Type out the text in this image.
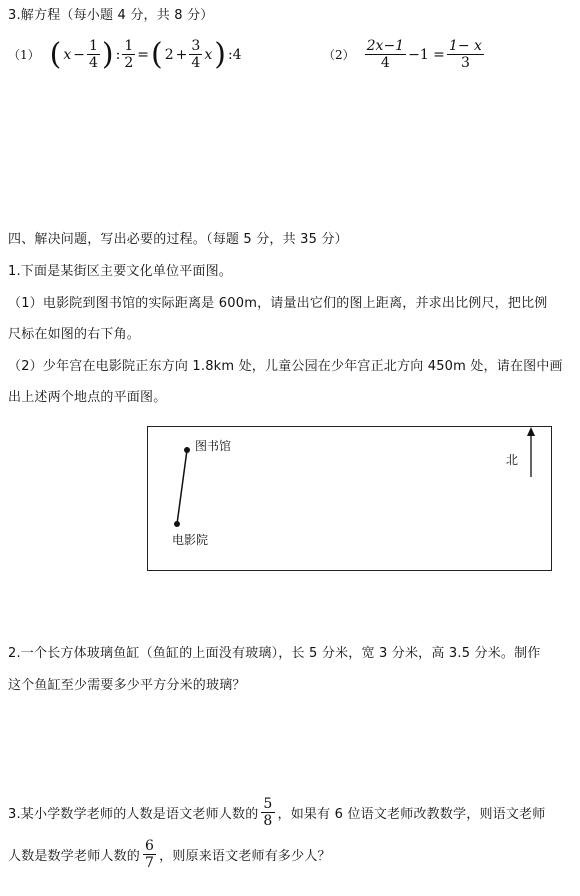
3.解方程（每小题 4 分，共 8 分）
（1） ( $x - \frac{1}{4}$ ) : $\frac{1}{2}$ = ( $2 + \frac{3}{4}$ x ) :4	$(2) \frac{2x-1}{4} -1 = \frac{1- x}{3}$
四、解决问题，写出必要的过程。（每题 5 分，共 35 分）
1.下面是某街区主要文化单位平面图。
（1）电影院到图书馆的实际距离是 600m，请量出它们的图上距离，并求出比例尺，把比例
尺标在如图的右下角。
（2）少年宫在电影院正东方向 1.8km 处，儿童公园在少年宫正北方向 450m 处，请在图中画
出上述两个地点的平面图。
图书馆
电影院
北
2.一个长方体玻璃鱼缸（鱼缸的上面没有玻璃），长 5 分米，宽 3 分米，高 3.5 分米。制作
这个鱼缸至少需要多少平方分米的玻璃？
3.某小学数学老师的人数是语文老师人数的 $\frac{5}{8}$ ，如果有 6 位语文老师改教数学，则语文老师
人数是数学老师人数的 $\frac{6}{7}$ ，则原来语文老师有多少人？
